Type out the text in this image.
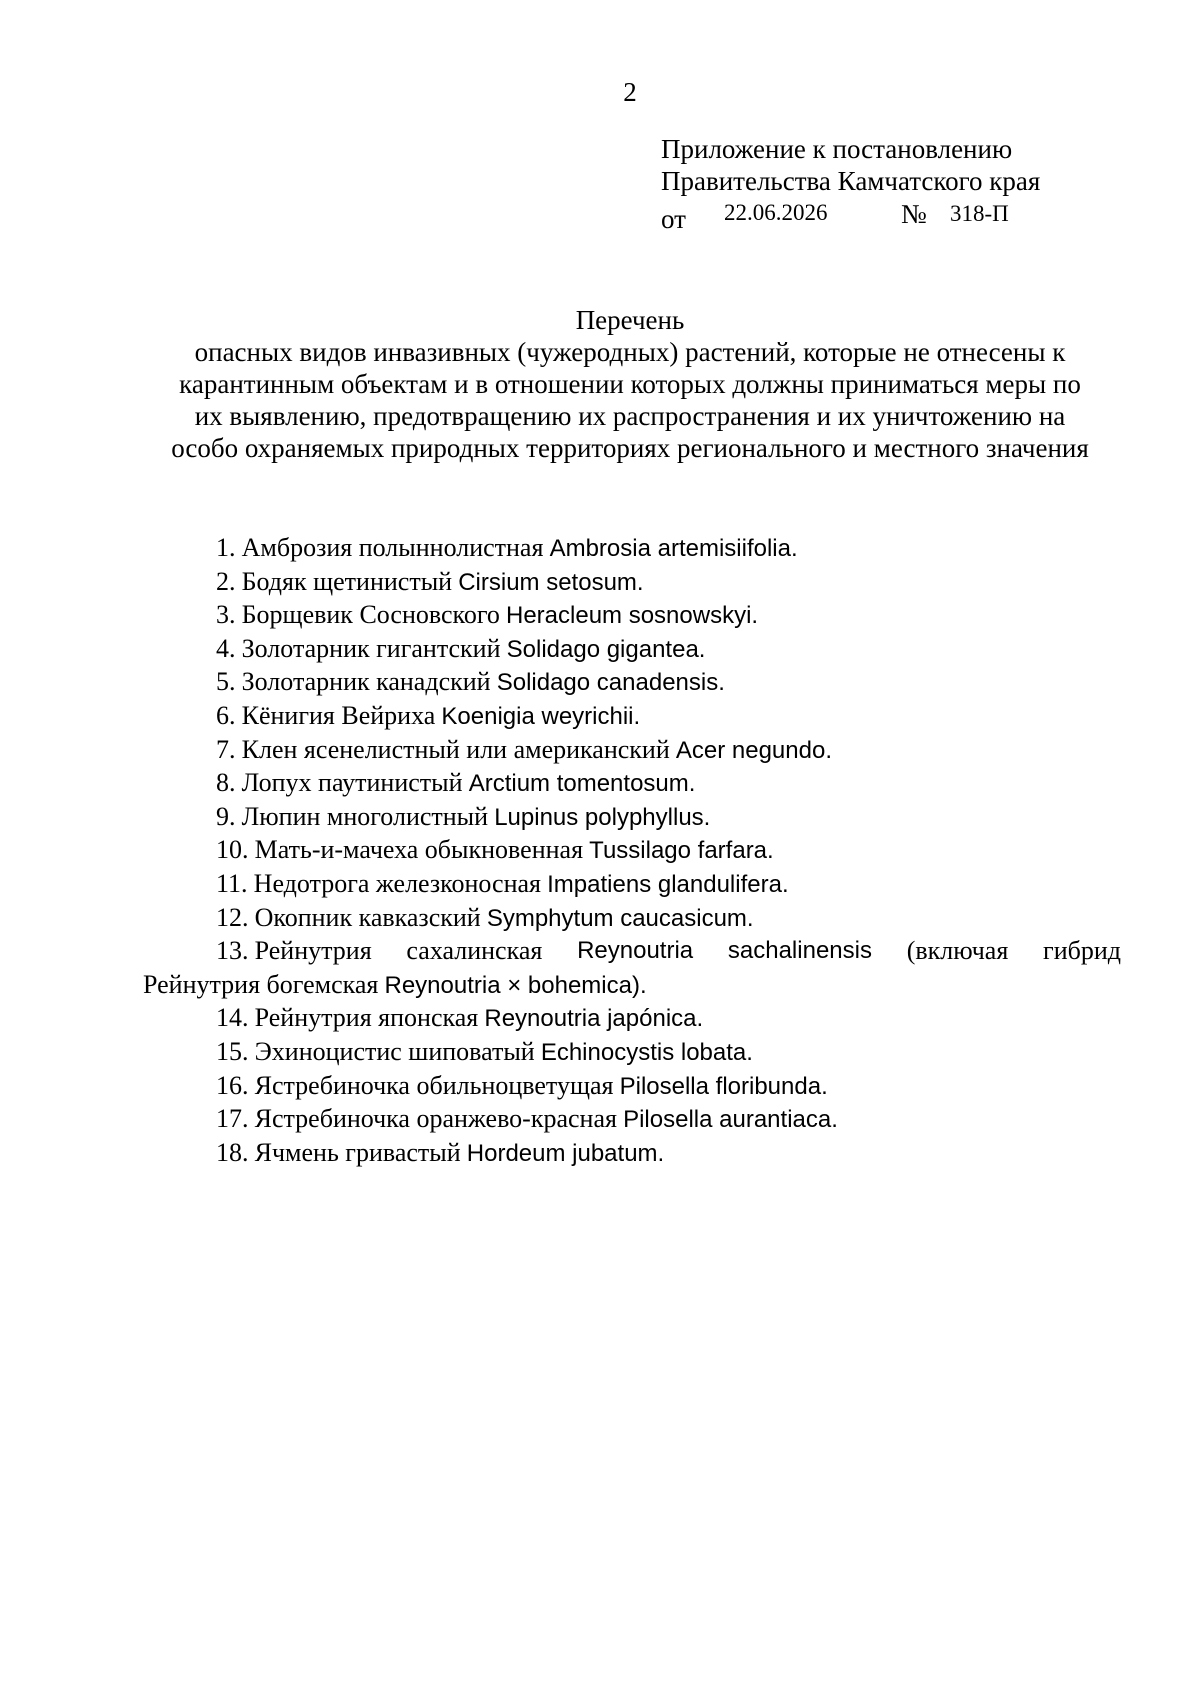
2
Приложение к постановлению
Правительства Камчатского края
от 22.06.2026	№ 318-П
Перечень
опасных видов инвазивных (чужеродных) растений, которые не отнесены к
карантинным объектам и в отношении которых должны приниматься меры по
их выявлению, предотвращению их распространения и их уничтожению на
особо охраняемых природных территориях регионального и местного значения
1. Амброзия полыннолистная Ambrosia artemisiifolia.
2. Бодяк щетинистый Cirsium setosum.
3. Борщевик Сосновского Heracleum sosnowskyi.
4. Золотарник гигантский Solidago gigantea.
5. Золотарник канадский Solidago canadensis.
6. Кёнигия Вейриха Koenigia weyrichii.
7. Клен ясенелистный или американский Acer negundo.
8. Лопух паутинистый Arctium tomentosum.
9. Люпин многолистный Lupinus polyphyllus.
10. Мать-и-мачеха обыкновенная Tussilago farfara.
11. Недотрога железконосная Impatiens glandulifera.
12. Окопник кавказский Symphytum caucasicum.
13. Рейнутрия сахалинская Reynoutria sachalinensis (включая гибрид
Рейнутрия богемская Reynoutria × bohemica).
14. Рейнутрия японская Reynoutria japónica.
15. Эхиноцистис шиповатый Echinocystis lobata.
16. Ястребиночка обильноцветущая Pilosella floribunda.
17. Ястребиночка оранжево-красная Pilosella aurantiaca.
18. Ячмень гривастый Hordeum jubatum.
